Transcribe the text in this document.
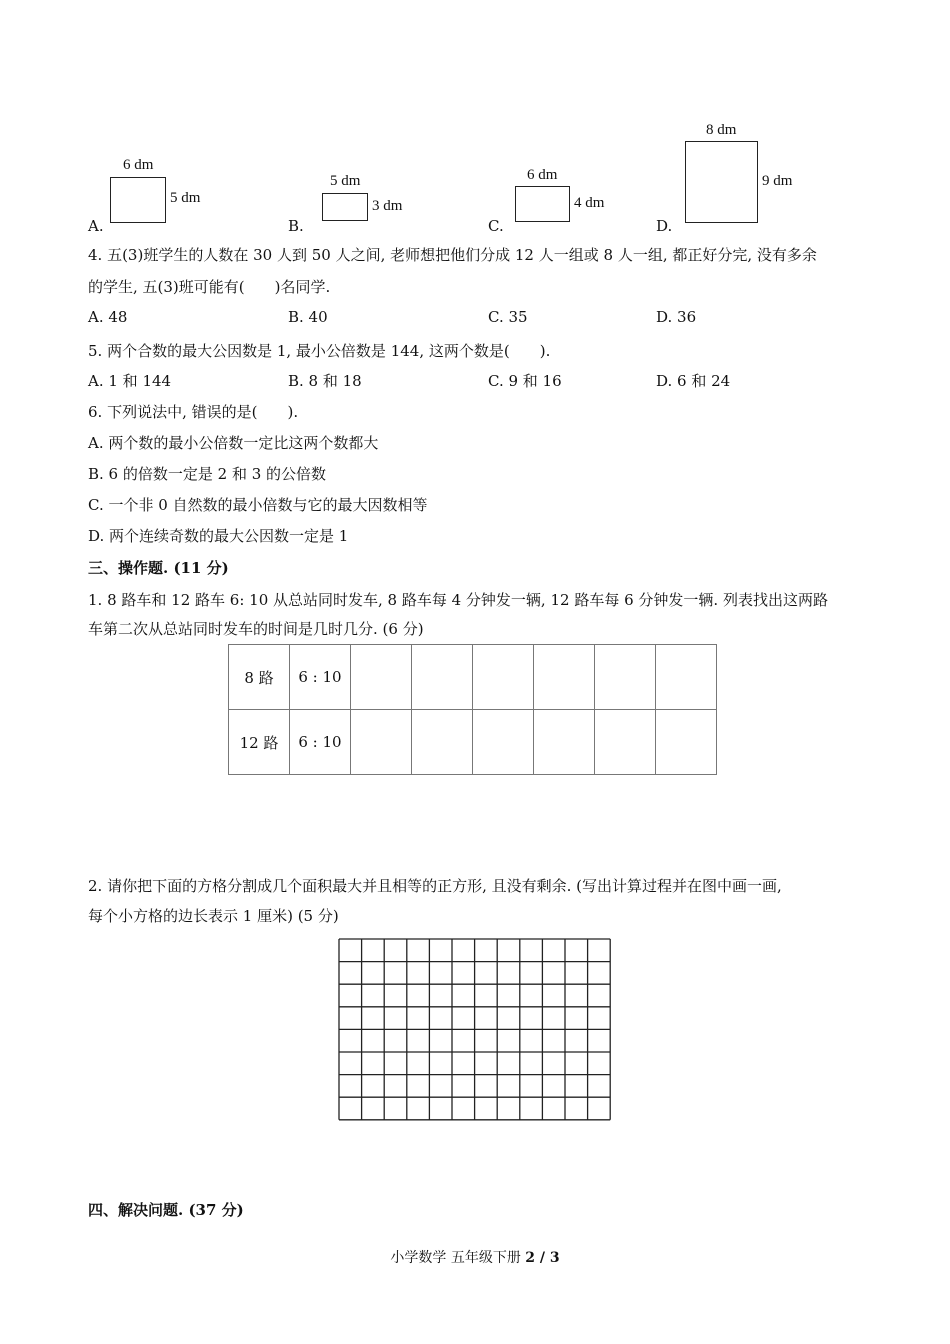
6 dm
5 dm
A.
5 dm
3 dm
B.
6 dm
4 dm
C.
8 dm
9 dm
D.
4. 五(3)班学生的人数在 30 人到 50 人之间, 老师想把他们分成 12 人一组或 8 人一组, 都正好分完, 没有多余
的学生, 五(3)班可能有(　　)名同学.
A. 48	B. 40	C. 35	D. 36
5. 两个合数的最大公因数是 1, 最小公倍数是 144, 这两个数是(　　).
A. 1 和 144	B. 8 和 18	C. 9 和 16	D. 6 和 24
6. 下列说法中, 错误的是(　　).
A. 两个数的最小公倍数一定比这两个数都大
B. 6 的倍数一定是 2 和 3 的公倍数
C. 一个非 0 自然数的最小倍数与它的最大因数相等
D. 两个连续奇数的最大公因数一定是 1
三、操作题. (11 分)
1. 8 路车和 12 路车 6: 10 从总站同时发车, 8 路车每 4 分钟发一辆, 12 路车每 6 分钟发一辆. 列表找出这两路
车第二次从总站同时发车的时间是几时几分. (6 分)
8 路	6 : 10						
12 路	6 : 10						
2. 请你把下面的方格分割成几个面积最大并且相等的正方形, 且没有剩余. (写出计算过程并在图中画一画,
每个小方格的边长表示 1 厘米) (5 分)
四、解决问题. (37 分)
小学数学 五年级下册 2 / 3
